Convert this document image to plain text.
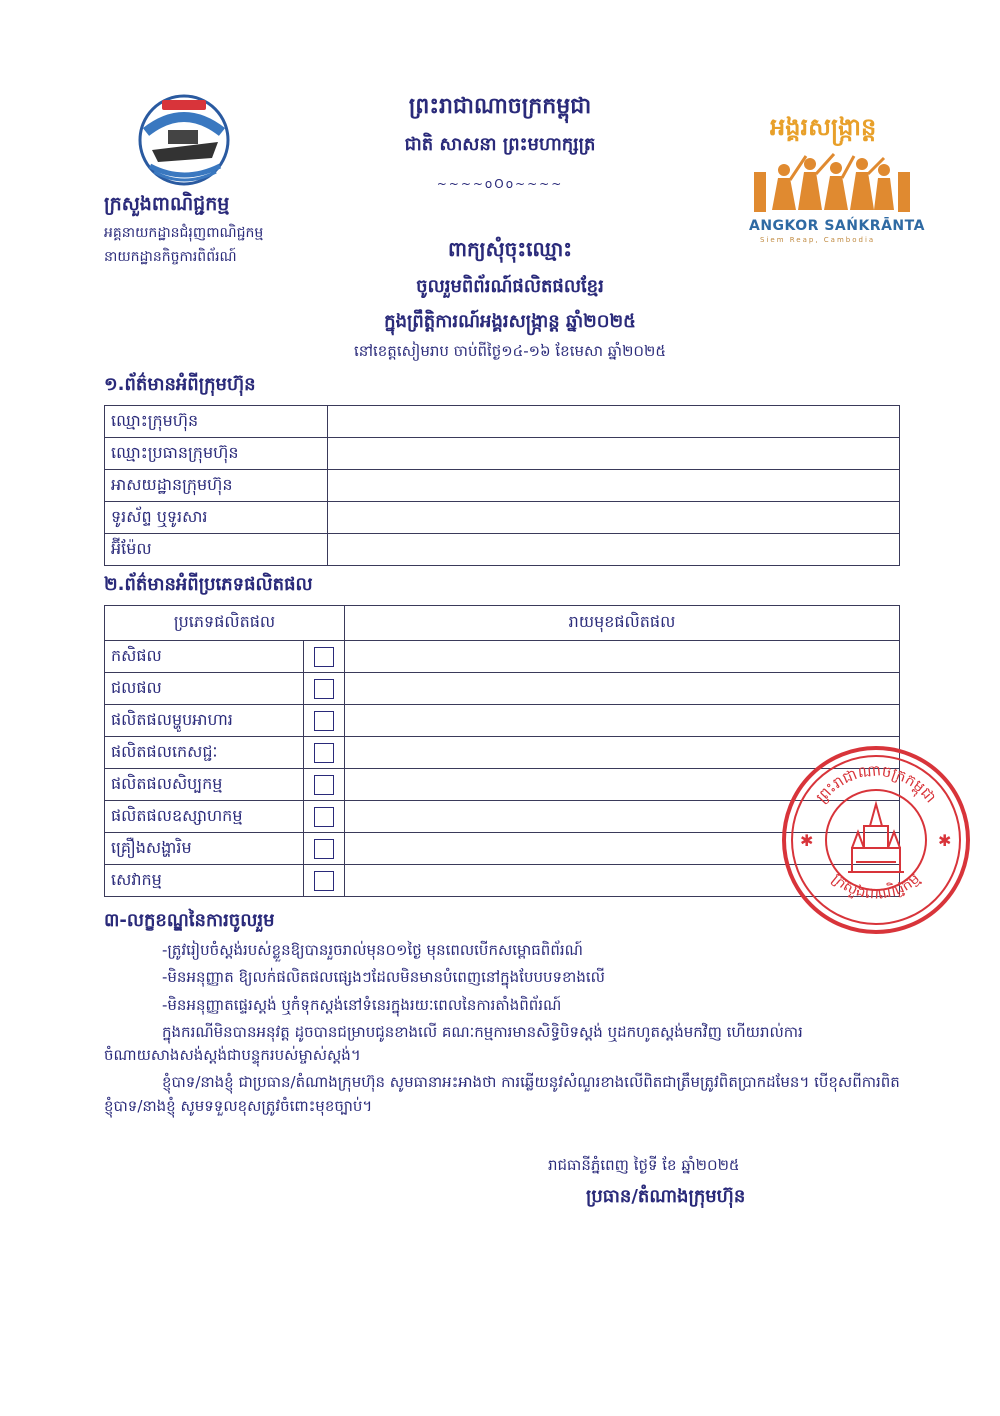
ក្រសួងពាណិជ្ជកម្ម
អគ្គនាយកដ្ឋានជំរុញពាណិជ្ជកម្ម
នាយកដ្ឋានកិច្ចការពិព័រណ៍
ព្រះរាជាណាចក្រកម្ពុជា
ជាតិ សាសនា ព្រះមហាក្សត្រ
~~~~oOo~~~~
អង្គរសង្ក្រាន្ត
ANGKOR SAŃKRĀNTA
Siem Reap, Cambodia
ពាក្យសុំចុះឈ្មោះ
ចូលរួមពិព័រណ៍ផលិតផលខ្មែរ
ក្នុងព្រឹត្តិការណ៍អង្គរសង្ក្រាន្ត ឆ្នាំ២០២៥
នៅខេត្តសៀមរាប ចាប់ពីថ្ងៃ១៤-១៦ ខែមេសា ឆ្នាំ២០២៥
១.ព័ត៌មានអំពីក្រុមហ៊ុន
ឈ្មោះក្រុមហ៊ុន	
ឈ្មោះប្រធានក្រុមហ៊ុន	
អាសយដ្ឋានក្រុមហ៊ុន	
ទូរស័ព្ទ ឬទូរសារ	
អ៊ីម៉ែល	
២.ព័ត៌មានអំពីប្រភេទផលិតផល
ប្រភេទផលិតផល		រាយមុខផលិតផល
កសិផល		
ជលផល		
ផលិតផលម្ហូបអាហារ		
ផលិតផលកេសជ្ជៈ		
ផលិតផលសិប្បកម្ម		
ផលិតផលឧស្សាហកម្ម		
គ្រឿងសង្ហារិម		
សេវាកម្ម		
៣-លក្ខខណ្ឌនៃការចូលរួម
-ត្រូវរៀបចំស្តង់របស់ខ្លួនឱ្យបានរួចរាល់មុន០១ថ្ងៃ មុនពេលបើកសម្ពោធពិព័រណ៍
-មិនអនុញ្ញាត ឱ្យលក់ផលិតផលផ្សេងៗដែលមិនមានបំពេញនៅក្នុងបែបបទខាងលើ
-មិនអនុញ្ញាតផ្ទេរស្តង់ ឬកំទុកស្តង់នៅទំនេរក្នុងរយៈពេលនៃការតាំងពិព័រណ៍
ក្នុងករណីមិនបានអនុវត្ត ដូចបានជម្រាបជូនខាងលើ គណៈកម្មការមានសិទ្ធិបិទស្តង់ ឬដកហូតស្តង់មកវិញ ហើយរាល់ការចំណាយសាងសង់ស្តង់ជាបន្ទុករបស់ម្ចាស់ស្តង់។
ខ្ញុំបាទ/នាងខ្ញុំ ជាប្រធាន/តំណាងក្រុមហ៊ុន សូមធានាអះអាងថា ការឆ្លើយនូវសំណួរខាងលើពិតជាត្រឹមត្រូវពិតប្រាកដមែន។ បើខុសពីការពិត ខ្ញុំបាទ/នាងខ្ញុំ សូមទទួលខុសត្រូវចំពោះមុខច្បាប់។
រាជធានីភ្នំពេញ ថ្ងៃទី ខែ ឆ្នាំ២០២៥
ប្រធាន/តំណាងក្រុមហ៊ុន
ព្រះរាជាណាចក្រកម្ពុជា
ក្រសួងពាណិជ្ជកម្ម
✱	✱
